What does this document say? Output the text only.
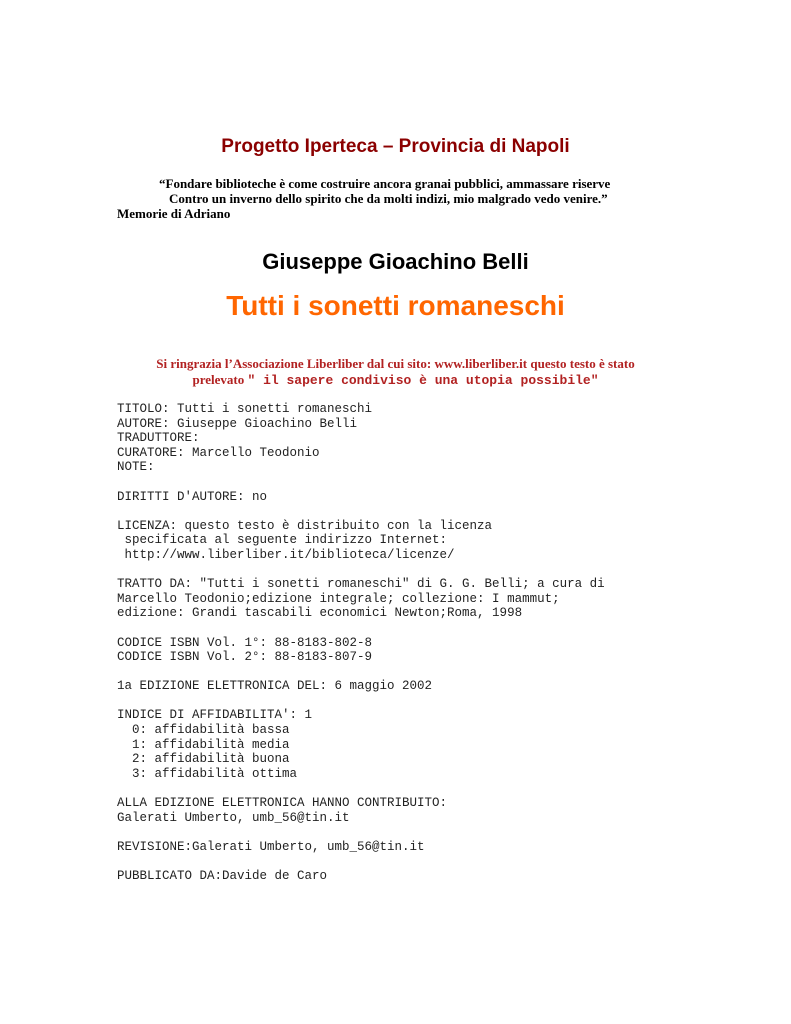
Progetto Iperteca – Provincia di Napoli
“Fondare biblioteche è come costruire ancora granai pubblici, ammassare riserve
Contro un inverno dello spirito che da molti indizi, mio malgrado vedo venire.”
Memorie di Adriano
Giuseppe Gioachino Belli
Tutti i sonetti romaneschi
Si ringrazia l’Associazione Liberliber dal cui sito: www.liberliber.it questo testo è stato
prelevato " il sapere condiviso è una utopia possibile"
TITOLO: Tutti i sonetti romaneschi
AUTORE: Giuseppe Gioachino Belli
TRADUTTORE:
CURATORE: Marcello Teodonio
NOTE:
DIRITTI D'AUTORE: no
LICENZA: questo testo è distribuito con la licenza
specificata al seguente indirizzo Internet:
http://www.liberliber.it/biblioteca/licenze/
TRATTO DA: "Tutti i sonetti romaneschi" di G. G. Belli; a cura di
Marcello Teodonio;edizione integrale; collezione: I mammut;
edizione: Grandi tascabili economici Newton;Roma, 1998
CODICE ISBN Vol. 1°: 88-8183-802-8
CODICE ISBN Vol. 2°: 88-8183-807-9
1a EDIZIONE ELETTRONICA DEL: 6 maggio 2002
INDICE DI AFFIDABILITA': 1
0: affidabilità bassa
1: affidabilità media
2: affidabilità buona
3: affidabilità ottima
ALLA EDIZIONE ELETTRONICA HANNO CONTRIBUITO:
Galerati Umberto, umb_56@tin.it
REVISIONE:Galerati Umberto, umb_56@tin.it
PUBBLICATO DA:Davide de Caro
